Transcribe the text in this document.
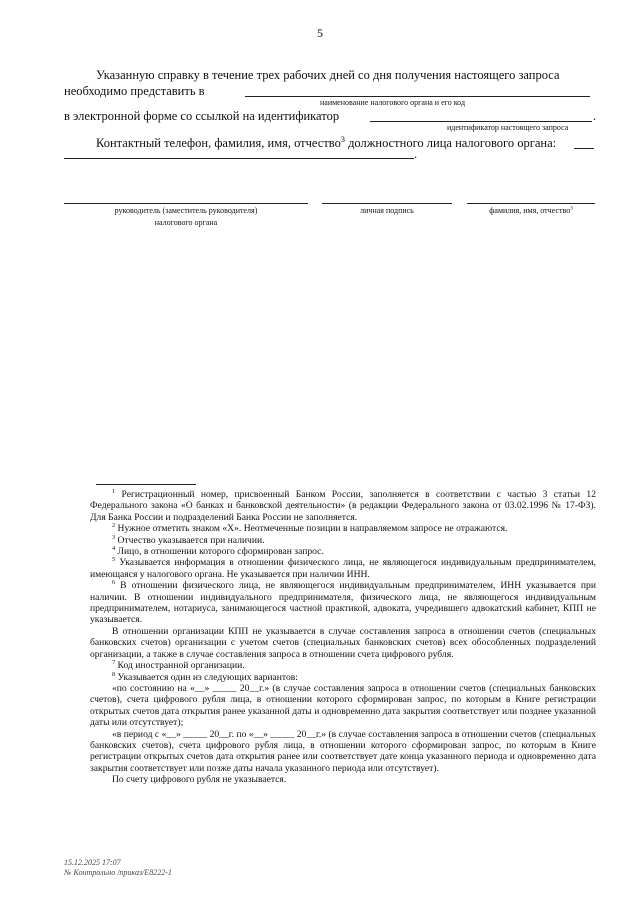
5
Указанную справку в течение трех рабочих дней со дня получения настоящего запроса
необходимо представить в
наименование налогового органа и его код
в электронной форме со ссылкой на идентификатор	.
идентификатор настоящего запроса
Контактный телефон, фамилия, имя, отчество$^3$ должностного лица налогового органа:
.
руководитель (заместитель руководителя)
налогового органа
личная подпись	фамилия, имя, отчество$^3$

$^1$ Регистрационный номер, присвоенный Банком России, заполняется в соответствии с частью 3 статьи 12 Федерального закона «О банках и банковской деятельности» (в редакции Федерального закона от 03.02.1996 № 17-ФЗ). Для Банка России и подразделений Банка России не заполняется.

$^2$ Нужное отметить знаком «Х». Неотмеченные позиции в направляемом запросе не отражаются.

$^3$ Отчество указывается при наличии.

$^4$ Лицо, в отношении которого сформирован запрос.

$^5$ Указывается информация в отношении физического лица, не являющегося индивидуальным предпринимателем, имеющаяся у налогового органа. Не указывается при наличии ИНН.

$^6$ В отношении физического лица, не являющегося индивидуальным предпринимателем, ИНН указывается при наличии. В отношении индивидуального предпринимателя, физического лица, не являющегося индивидуальным предпринимателем, нотариуса, занимающегося частной практикой, адвоката, учредившего адвокатский кабинет, КПП не указывается.

В отношении организации КПП не указывается в случае составления запроса в отношении счетов (специальных банковских счетов) организации с учетом счетов (специальных банковских счетов) всех обособленных подразделений организации, а также в случае составления запроса в отношении счета цифрового рубля.

$^7$ Код иностранной организации.

$^8$ Указывается один из следующих вариантов:

«по состоянию на «__» _____ 20__г.» (в случае составления запроса в отношении счетов (специальных банковских счетов), счета цифрового рубля лица, в отношении которого сформирован запрос, по которым в Книге регистрации открытых счетов дата открытия ранее указанной даты и одновременно дата закрытия соответствует или позднее указанной даты или отсутствует);

«в период с «__» _____ 20__г. по «__» _____ 20__г.» (в случае составления запроса в отношении счетов (специальных банковских счетов), счета цифрового рубля лица, в отношении которого сформирован запрос, по которым в Книге регистрации открытых счетов дата открытия ранее или соответствует дате конца указанного периода и одновременно дата закрытия соответствует или позже даты начала указанного периода или отсутствует).

По счету цифрового рубля не указывается.

15.12.2025 17:07
№ Контрольно /приказ/Е8222-1
